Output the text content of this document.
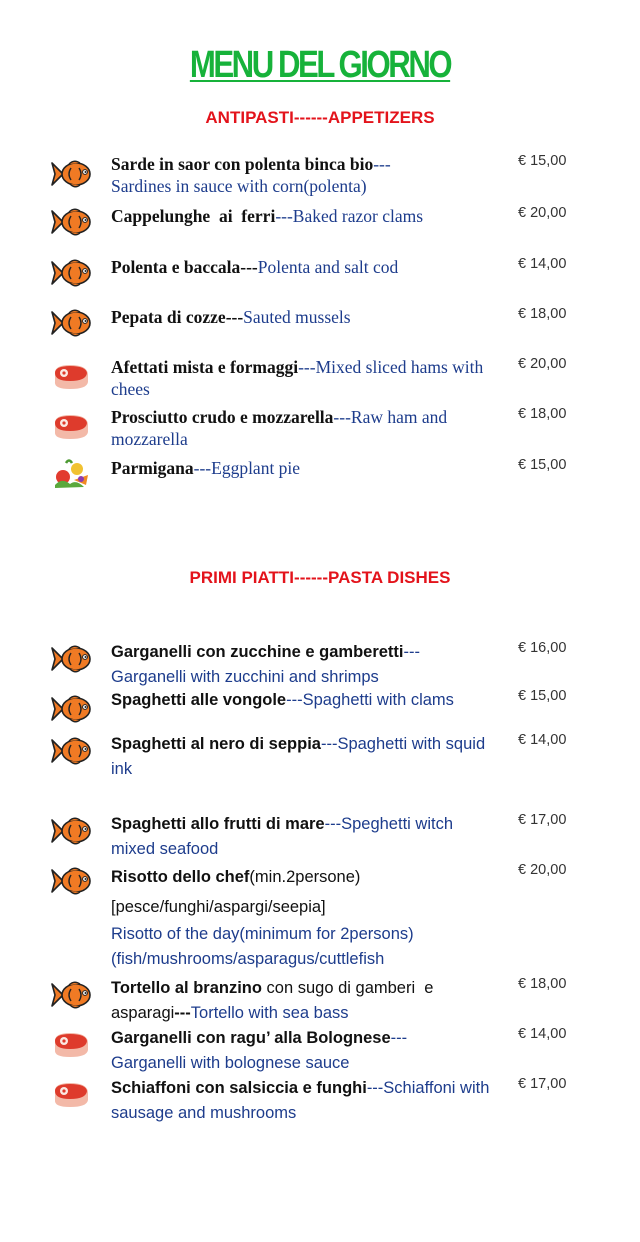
MENU DEL GIORNO
ANTIPASTI------APPETIZERS
Sarde in saor con polenta binca bio---
Sardines in sauce with corn(polenta)
€ 15,00
Cappelunghe  ai  ferri---Baked razor clams	€ 20,00
Polenta e baccala---Polenta and salt cod	€ 14,00
Pepata di cozze---Sauted mussels	€ 18,00
Afettati mista e formaggi---Mixed sliced hams with chees
€ 20,00
Prosciutto crudo e mozzarella---Raw ham and mozzarella
€ 18,00
Parmigana---Eggplant pie	€ 15,00
PRIMI PIATTI------PASTA DISHES
Garganelli con zucchine e gamberetti---
Garganelli with zucchini and shrimps
€ 16,00
Spaghetti alle vongole---Spaghetti with clams	€ 15,00
Spaghetti al nero di seppia---Spaghetti with squid ink
€ 14,00
Spaghetti allo frutti di mare---Speghetti witch mixed seafood
€ 17,00
Risotto dello chef(min.2persone)
[pesce/funghi/aspargi/seepia]
Risotto of the day(minimum for 2persons) (fish/mushrooms/asparagus/cuttlefish
€ 20,00
Tortello al branzino con sugo di gamberi  e asparagi---Tortello with sea bass
€ 18,00
Garganelli con ragu’ alla Bolognese---
Garganelli with bolognese sauce
€ 14,00
Schiaffoni con salsiccia e funghi---Schiaffoni with sausage and mushrooms
€ 17,00
